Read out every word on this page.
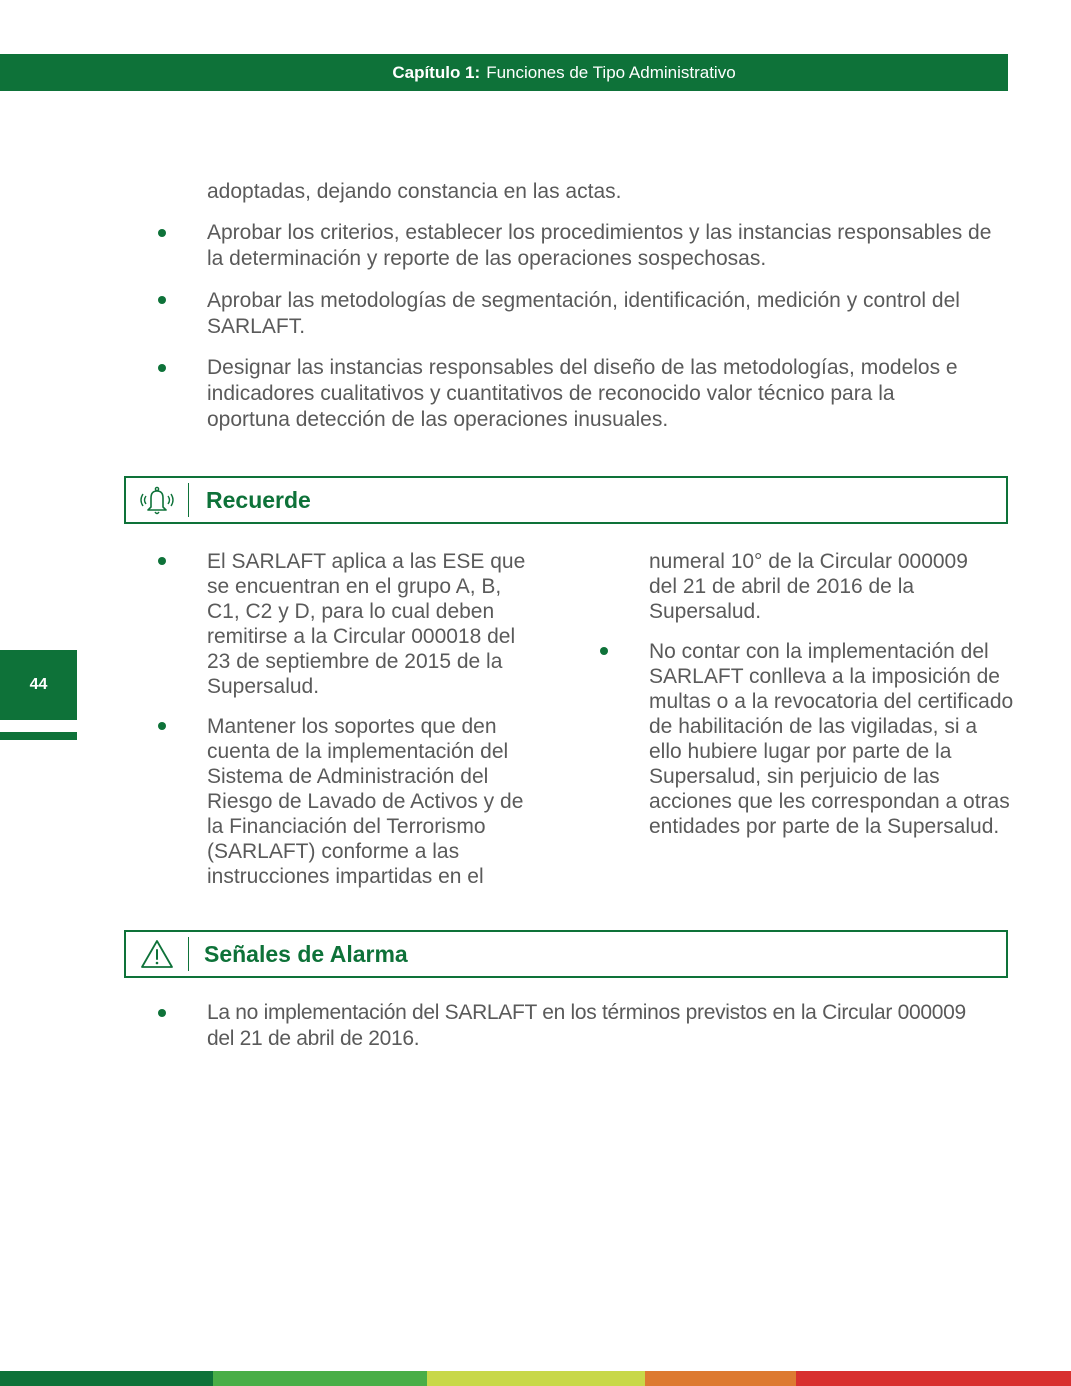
Capítulo 1: Funciones de Tipo Administrativo
adoptadas, dejando constancia en las actas.
Aprobar los criterios, establecer los procedimientos y las instancias responsables de la determinación y reporte de las operaciones sospechosas.
Aprobar las metodologías de segmentación, identificación, medición y control del SARLAFT.
Designar las instancias responsables del diseño de las metodologías, modelos e indicadores cualitativos y cuantitativos de reconocido valor técnico para la oportuna detección de las operaciones inusuales.
Recuerde
El SARLAFT aplica a las ESE que se encuentran en el grupo A, B, C1, C2 y D, para lo cual deben remitirse a la Circular 000018 del 23 de septiembre de 2015 de la Supersalud.
Mantener los soportes que den cuenta de la implementación del Sistema de Administración del Riesgo de Lavado de Activos y de la Financiación del Terrorismo (SARLAFT) conforme a las instrucciones impartidas en el
numeral 10° de la Circular 000009 del 21 de abril de 2016 de la Supersalud.
No contar con la implementación del SARLAFT conlleva a la imposición de multas o a la revocatoria del certificado de habilitación de las vigiladas, si a ello hubiere lugar por parte de la Supersalud, sin perjuicio de las acciones que les correspondan a otras entidades por parte de la Supersalud.
44
Señales de Alarma
La no implementación del SARLAFT en los términos previstos en la Circular 000009 del 21 de abril de 2016.
